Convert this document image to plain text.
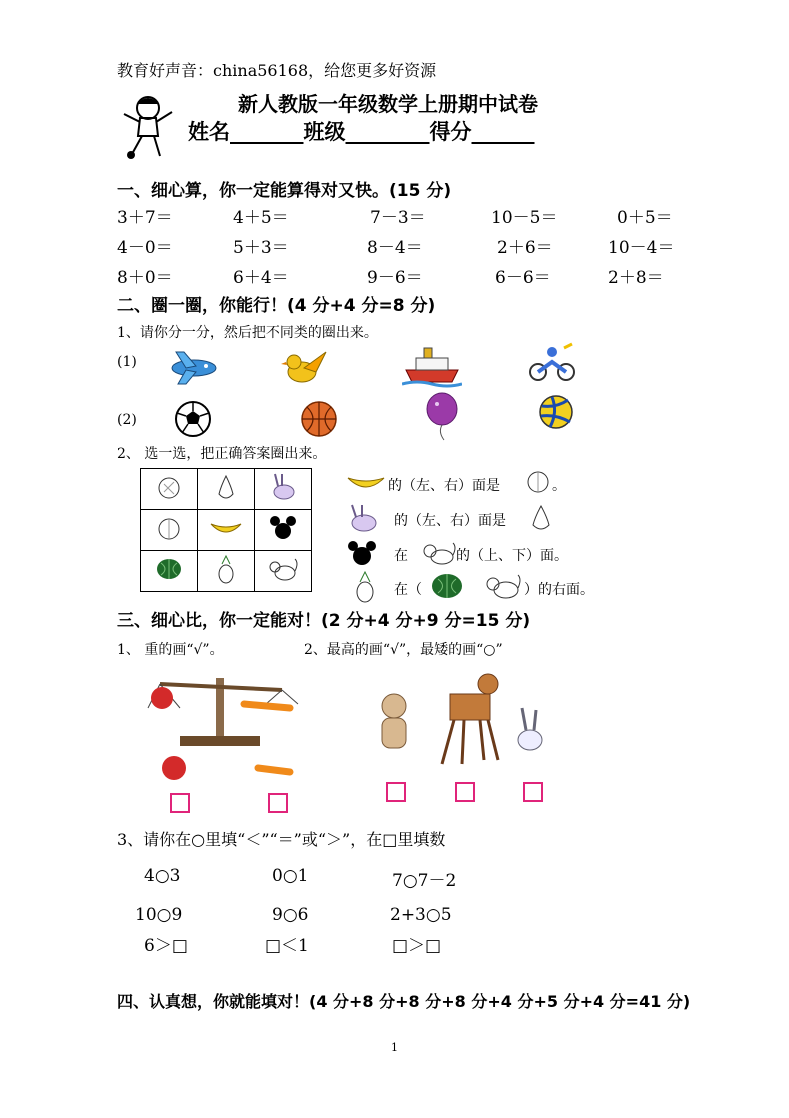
教育好声音：china56168，给您更多好资源
新人教版一年级数学上册期中试卷
姓名_______班级________得分______
一、细心算，你一定能算得对又快。(15 分)
3＋7＝	4＋5＝	7－3＝	10－5＝	0＋5＝
4－0＝	5＋3＝	8－4＝	2＋6＝	10－4＝
8＋0＝	6＋4＝	9－6＝	6－6＝	2＋8＝
二、圈一圈，你能行！(4 分+4 分=8 分)
1、请你分一分，然后把不同类的圈出来。
(1)
(2)
2、 选一选，把正确答案圈出来。

的（左、右）面是	。
的（左、右）面是
在	的（上、下）面。
在（	）的右面。
三、细心比，你一定能对！(2 分+4 分+9 分=15 分)
1、 重的画“√”。	2、最高的画“√”，最矮的画“○”
3、请你在○里填“＜”“＝”或“＞”，在□里填数
4○3	0○1	7○7－2
10○9	9○6	2+3○5
6＞□	□＜1	□＞□
四、认真想，你就能填对！(4 分+8 分+8 分+8 分+4 分+5 分+4 分=41 分)
1
